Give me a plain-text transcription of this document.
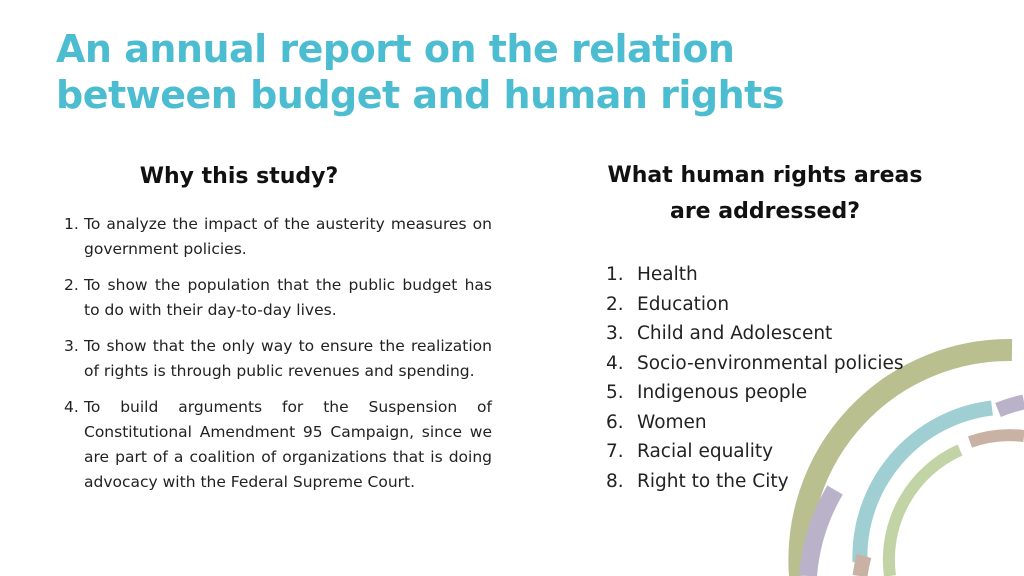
An annual report on the relation
between budget and human rights
Why this study?
1. To analyze the impact of the austerity measures on government policies.
2. To show the population that the public budget has to do with their day-to-day lives.
3. To show that the only way to ensure the realization of rights is through public revenues and spending.
4. To build arguments for the Suspension of Constitutional Amendment 95 Campaign, since we are part of a coalition of organizations that is doing advocacy with the Federal Supreme Court.
What human rights areas
are addressed?
1. Health
2. Education
3. Child and Adolescent
4. Socio-environmental policies
5. Indigenous people
6. Women
7. Racial equality
8. Right to the City
